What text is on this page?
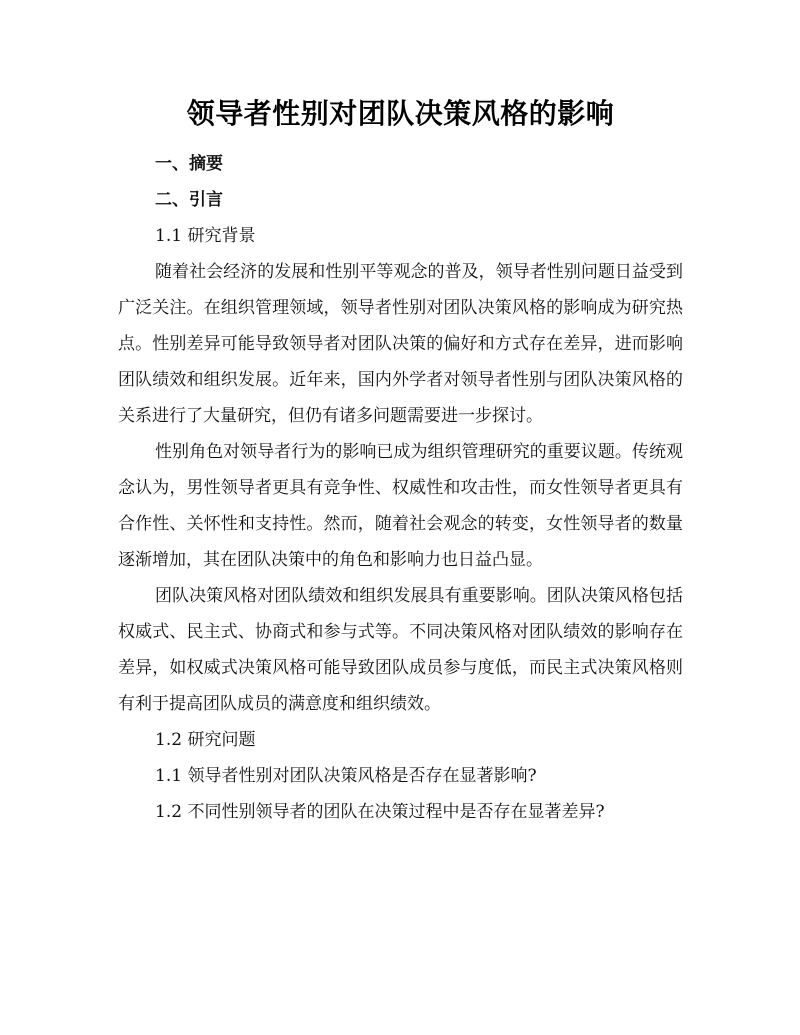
领导者性别对团队决策风格的影响

一、摘要

二、引言

1.1 研究背景

随着社会经济的发展和性别平等观念的普及，领导者性别问题日益受到广泛关注。在组织管理领域，领导者性别对团队决策风格的影响成为研究热点。性别差异可能导致领导者对团队决策的偏好和方式存在差异，进而影响团队绩效和组织发展。近年来，国内外学者对领导者性别与团队决策风格的关系进行了大量研究，但仍有诸多问题需要进一步探讨。

性别角色对领导者行为的影响已成为组织管理研究的重要议题。传统观念认为，男性领导者更具有竞争性、权威性和攻击性，而女性领导者更具有合作性、关怀性和支持性。然而，随着社会观念的转变，女性领导者的数量逐渐增加，其在团队决策中的角色和影响力也日益凸显。

团队决策风格对团队绩效和组织发展具有重要影响。团队决策风格包括权威式、民主式、协商式和参与式等。不同决策风格对团队绩效的影响存在差异，如权威式决策风格可能导致团队成员参与度低，而民主式决策风格则有利于提高团队成员的满意度和组织绩效。

1.2 研究问题

1.1 领导者性别对团队决策风格是否存在显著影响?

1.2 不同性别领导者的团队在决策过程中是否存在显著差异?
